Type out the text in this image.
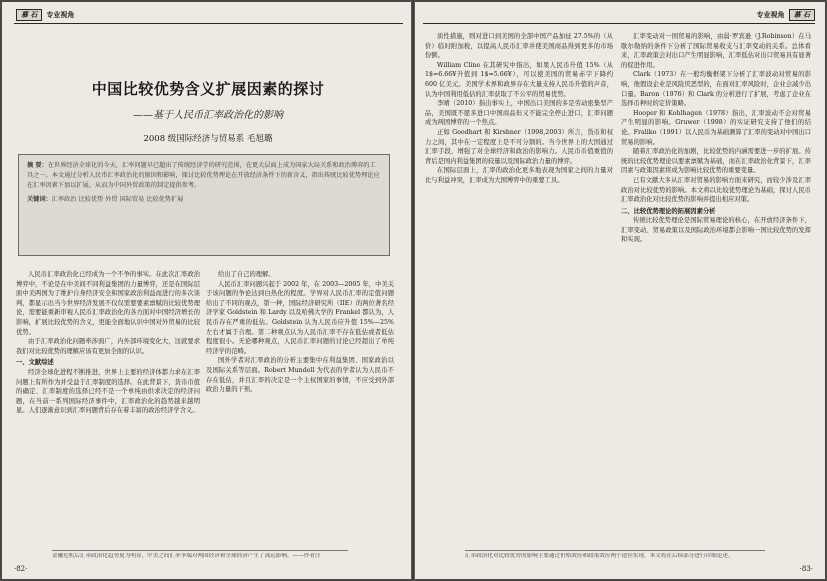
慕 石	专业视角
中国比较优势含义扩展因素的探讨
——基于人民币汇率政治化的影响
2008 级国际经济与贸易系 毛旭璐
摘 要：在世界经济全球化的今天，汇率问题早已超出了传统经济学的研究范围，在更大层面上成为国家大局关系和政治博弈的工具之一。本文通过分析人民币汇率政治化的原因和影响，探讨比较优势理论在开放经济条件下的新含义，指出传统比较优势理论应在汇率因素下加以扩展，从而为中国外贸政策的制定提供参考。
关键词：汇率政治 比较优势 外贸 国际贸易 比较优势扩展

人民币汇率政治化已经成为一个不争的事实。在此次汇率政治博弈中，不论是在中美间不同利益集团的力量博弈，还是在国际层面中美两国为了维护自身经济安全和国家政治利益而进行的多次谈判，都显示出当今世界经济发展不仅仅需要要素禀赋的比较优势理论，需要能重新审视人民币汇率政治化的各方面对中国经济增长的影响，扩展比较优势的含义，更能全面地认识中国对外贸易的比较优势。

由于汇率政治化问题牵涉面广，内外部环境变化大，这就要求我们对比较优势的理解应该有更加全面的认识。

一、文献综述

经济全球化进程不断推进，世界上主要的经济体都力求在汇率问题上有所作为并受益于汇率制度的选择。在此背景下，货币币值的确定、汇率制度的选择已经不是一个单纯由供求决定的经济问题，在当前一系列国际经济事件中，汇率政治化的趋势越来越明显。人们逐渐意识到汇率问题背后存在着丰富的政治经济学含义。

给出了自己的理解。

人民币汇率问题兴起于 2002 年，在 2003—2005 年，中美关于该问题的争论达到白热化的程度。学界对人民币汇率的定值问题给出了不同的观点，第一种，国际经济研究所（IIE）的两位著名经济学家 Goldstein 和 Lardy 以及哈佛大学的 Frankel 都认为，人民币存在严重的低估。Goldstein 认为人民币应升值 15%—25%左右才属于合理。第二种观点认为人民币汇率不存在低估或者低估程度很小。无论哪种观点，人民币汇率问题的讨论已经超出了单纯经济学的范畴。

国外学者对汇率政治的分析主要集中在利益集团、国家政治以及国际关系等层面。Robert Mundell 为代表的学者认为人民币不存在低估，并且汇率的决定是一个主权国家的事情，不应受到外部政治力量的干预。

金融危机后汇率政治化趋势更为明显，中美之间汇率争端对两国经济和全球经济产生了深远影响。——作者注
·82·
专业视角	慕 石

质性措施，则对进口到美国的全部中国产品加征 27.5%的（从价）临时附加税，以提高人民币汇率并使美国商品得到更多的市场份额。

William Cline 在其研究中指出，如果人民币升值 15%（从 1$=6.66¥升值到 1$=5.66¥），可以使美国的贸易赤字下降约 600 亿美元。美国学术界和政界存在大量支持人民币升值的声音，认为中国利用低估的汇率获取了不公平的贸易优势。

李晴（2010）指出事实上，中国出口美国的多是劳动密集型产品，美国既不愿多进口中国商品但又不能完全停止进口，汇率问题成为两国博弈的一个焦点。

正如 Goodhart 和 Kirshner（1998,2003）所言，货币和权力之间，其中在一定程度上是不可分割的。当今世界上的大国通过汇率手段，增强了对全球经济和政治的影响力。人民币币值重值的背后是国内利益集团的较量以及国际政治力量的博弈。

在国际层面上，汇率的政治化更多地表现为国家之间的力量对比与利益冲突，汇率成为大国博弈中的重要工具。

汇率变动对一国贸易的影响，由弱·罗宾逊（J.Robinson）在马歇尔勒纳的条件下分析了国际贸易收支与汇率变动的关系。总体看来，汇率政策会对出口产生明显影响，汇率低估对出口贸易具有显著的促进作用。

Clark（1973）在一般均衡框架下分析了汇率波动对贸易的影响，他假设企业是风险厌恶型的，在面对汇率风险时，企业会减少出口量。Baron（1976）和 Clark 的分析进行了扩展，考虑了企业在选择币种时的定价策略。

Hooper 和 Kohlhagen（1978）指出，汇率波动不会对贸易产生明显的影响。Gruwer（1998）的实证研究支持了他们的结论。Fraliko（1991）以人民币为基础测算了汇率的变动对中国出口贸易的影响。

随着汇率政治化的加剧，比较优势的内涵需要进一步的扩展。传统的比较优势理论以要素禀赋为基础，而在汇率政治化背景下，汇率因素与政策因素将成为影响比较优势的重要变量。

已有文献大多从汇率对贸易的影响方面来研究，而较少涉及汇率政治对比较优势的影响。本文将以比较优势理论为基础，探讨人民币汇率政治化对比较优势的影响并提出相应对策。

二、比较优势理论的拓展因素分析

传统比较优势理论是国际贸易理论的核心，在开放经济条件下，汇率变动、贸易政策以及国际政治环境都会影响一国比较优势的发挥和实现。

汇率政治化对比较优势的影响主要通过价格效应和政策效应两个途径实现，本文将在后续部分进行详细论述。
·83·
